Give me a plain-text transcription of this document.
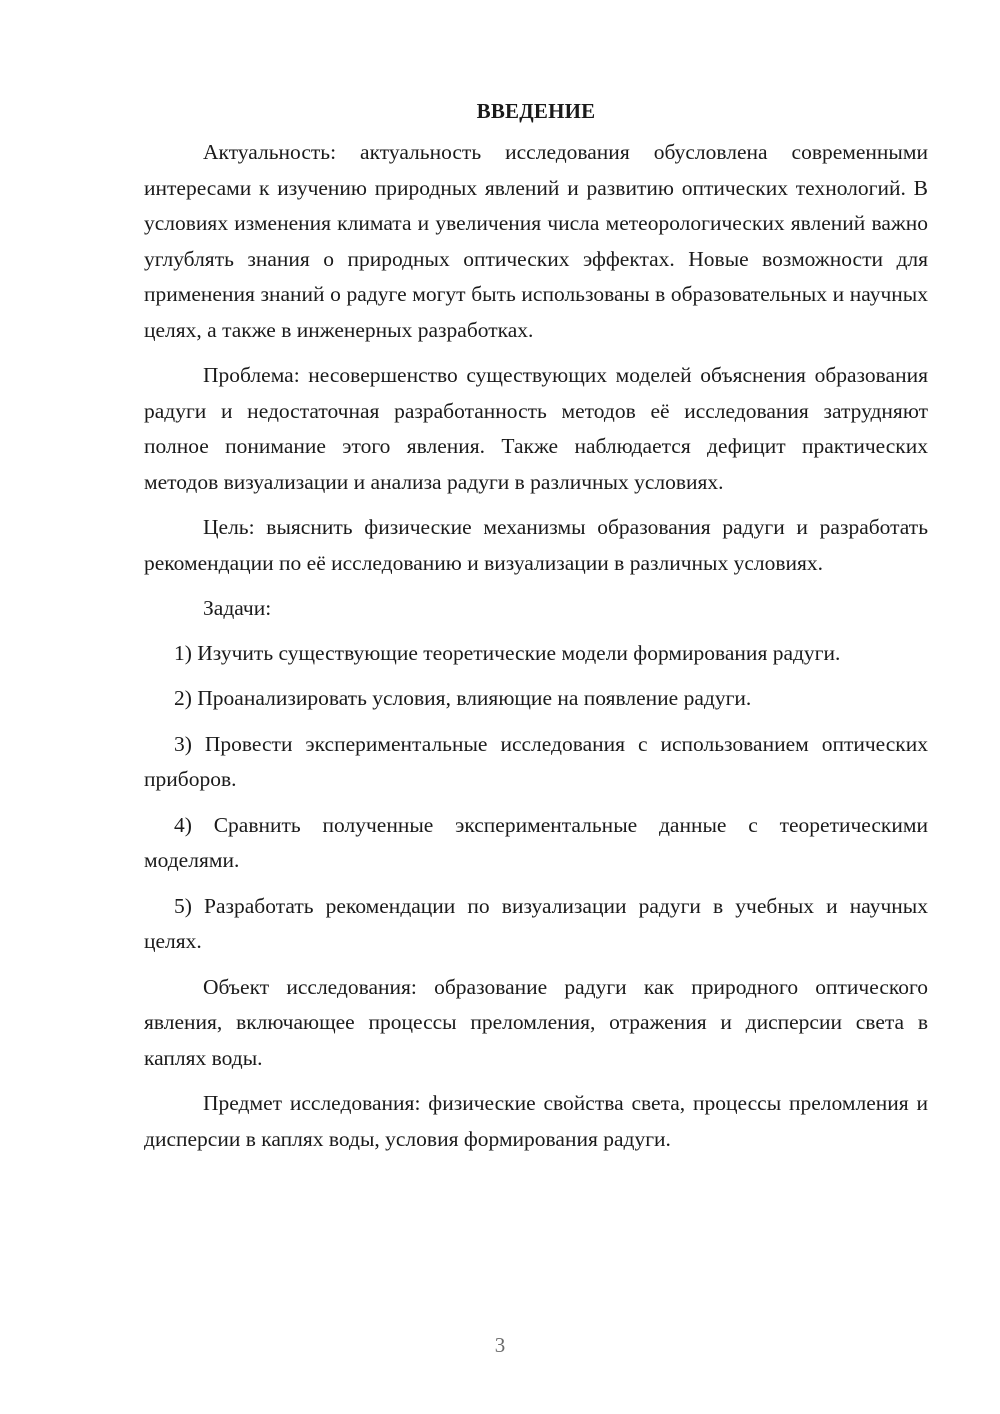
ВВЕДЕНИЕ

Актуальность: актуальность исследования обусловлена современными интересами к изучению природных явлений и развитию оптических технологий. В условиях изменения климата и увеличения числа метеорологических явлений важно углублять знания о природных оптических эффектах. Новые возможности для применения знаний о радуге могут быть использованы в образовательных и научных целях, а также в инженерных разработках.

Проблема: несовершенство существующих моделей объяснения образования радуги и недостаточная разработанность методов её исследования затрудняют полное понимание этого явления. Также наблюдается дефицит практических методов визуализации и анализа радуги в различных условиях.

Цель: выяснить физические механизмы образования радуги и разработать рекомендации по её исследованию и визуализации в различных условиях.

Задачи:

1) Изучить существующие теоретические модели формирования радуги.

2) Проанализировать условия, влияющие на появление радуги.

3) Провести экспериментальные исследования с использованием оптических приборов.

4) Сравнить полученные экспериментальные данные с теоретическими моделями.

5) Разработать рекомендации по визуализации радуги в учебных и научных целях.

Объект исследования: образование радуги как природного оптического явления, включающее процессы преломления, отражения и дисперсии света в каплях воды.

Предмет исследования: физические свойства света, процессы преломления и дисперсии в каплях воды, условия формирования радуги.

3
